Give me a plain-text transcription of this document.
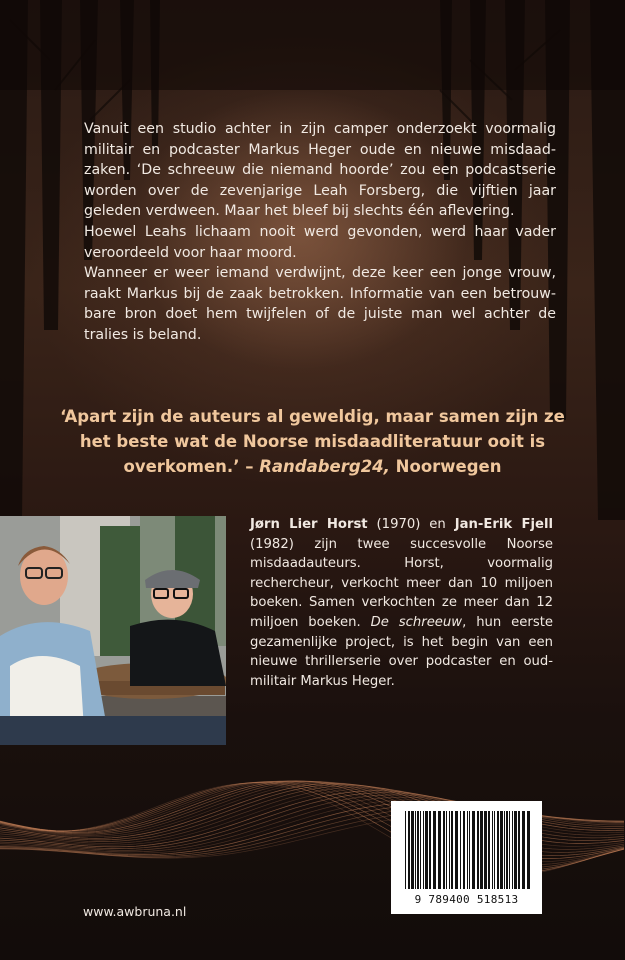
Vanuit een studio achter in zijn camper onderzoekt voormalig militair en podcaster Markus Heger oude en nieuwe misdaadzaken. ‘De schreeuw die niemand hoorde’ zou een podcastserie worden over de zevenjarige Leah Forsberg, die vijftien jaar geleden verdween. Maar het bleef bij slechts één aflevering.

Hoewel Leahs lichaam nooit werd gevonden, werd haar vader veroordeeld voor haar moord.

Wanneer er weer iemand verdwijnt, deze keer een jonge vrouw, raakt Markus bij de zaak betrokken. Informatie van een betrouwbare bron doet hem twijfelen of de juiste man wel achter de tralies is beland.

‘Apart zijn de auteurs al geweldig, maar samen zijn ze het beste wat de Noorse misdaadliteratuur ooit is overkomen.’ – Randaberg24, Noorwegen

Jørn Lier Horst (1970) en Jan-Erik Fjell (1982) zijn twee succesvolle Noorse misdaadauteurs. Horst, voormalig rechercheur, verkocht meer dan 10 miljoen boeken. Samen verkochten ze meer dan 12 miljoen boeken. De schreeuw, hun eerste gezamenlijke project, is het begin van een nieuwe thrillerserie over podcaster en oud-militair Markus Heger.

9 789400 518513
www.awbruna.nl
